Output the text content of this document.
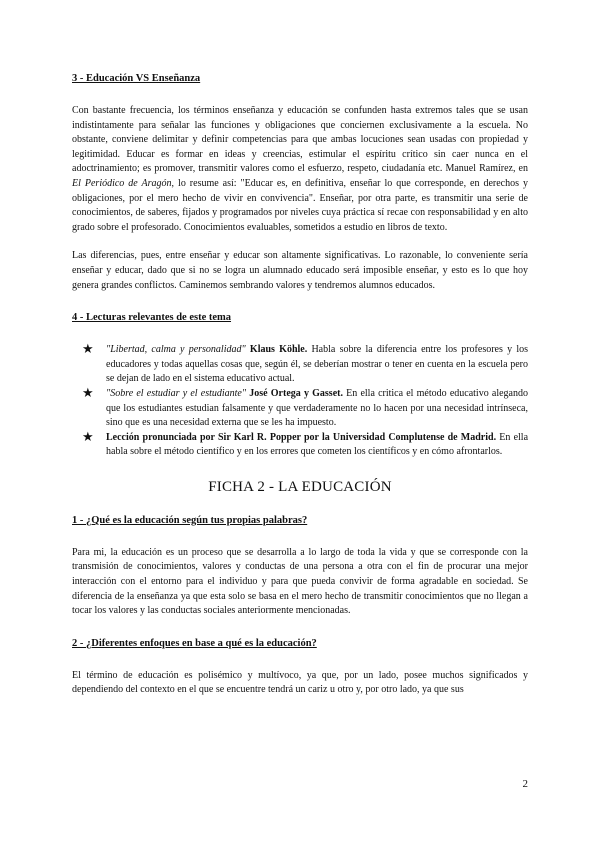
3 - Educación VS Enseñanza

Con bastante frecuencia, los términos enseñanza y educación se confunden hasta extremos tales que se usan indistintamente para señalar las funciones y obligaciones que conciernen exclusivamente a la escuela. No obstante, conviene delimitar y definir competencias para que ambas locuciones sean usadas con propiedad y legitimidad. Educar es formar en ideas y creencias, estimular el espíritu crítico sin caer nunca en el adoctrinamiento; es promover, transmitir valores como el esfuerzo, respeto, ciudadanía etc. Manuel Ramírez, en El Periódico de Aragón, lo resume así: "Educar es, en definitiva, enseñar lo que corresponde, en derechos y obligaciones, por el mero hecho de vivir en convivencia". Enseñar, por otra parte, es transmitir una serie de conocimientos, de saberes, fijados y programados por niveles cuya práctica sí recae con responsabilidad y en alto grado sobre el profesorado. Conocimientos evaluables, sometidos a estudio en libros de texto.

Las diferencias, pues, entre enseñar y educar son altamente significativas. Lo razonable, lo conveniente sería enseñar y educar, dado que si no se logra un alumnado educado será imposible enseñar, y esto es lo que hoy genera grandes conflictos. Caminemos sembrando valores y tendremos alumnos educados.

4 - Lecturas relevantes de este tema
★ "Libertad, calma y personalidad" Klaus Köhle. Habla sobre la diferencia entre los profesores y los educadores y todas aquellas cosas que, según él, se deberían mostrar o tener en cuenta en la escuela pero se dejan de lado en el sistema educativo actual.
★ "Sobre el estudiar y el estudiante" José Ortega y Gasset. En ella critica el método educativo alegando que los estudiantes estudian falsamente y que verdaderamente no lo hacen por una necesidad intrínseca, sino que es una necesidad externa que se les ha impuesto.
★ Lección pronunciada por Sir Karl R. Popper por la Universidad Complutense de Madrid. En ella habla sobre el método científico y en los errores que cometen los científicos y en cómo afrontarlos.
FICHA 2 - LA EDUCACIÓN
1 - ¿Qué es la educación según tus propias palabras?

Para mi, la educación es un proceso que se desarrolla a lo largo de toda la vida y que se corresponde con la transmisión de conocimientos, valores y conductas de una persona a otra con el fin de procurar una mejor interacción con el entorno para el individuo y para que pueda convivir de forma agradable en sociedad. Se diferencia de la enseñanza ya que esta solo se basa en el mero hecho de transmitir conocimientos que no llegan a tocar los valores y las conductas sociales anteriormente mencionadas.

2 - ¿Diferentes enfoques en base a qué es la educación?

El término de educación es polisémico y multívoco, ya que, por un lado, posee muchos significados y dependiendo del contexto en el que se encuentre tendrá un cariz u otro y, por otro lado, ya que sus

2
